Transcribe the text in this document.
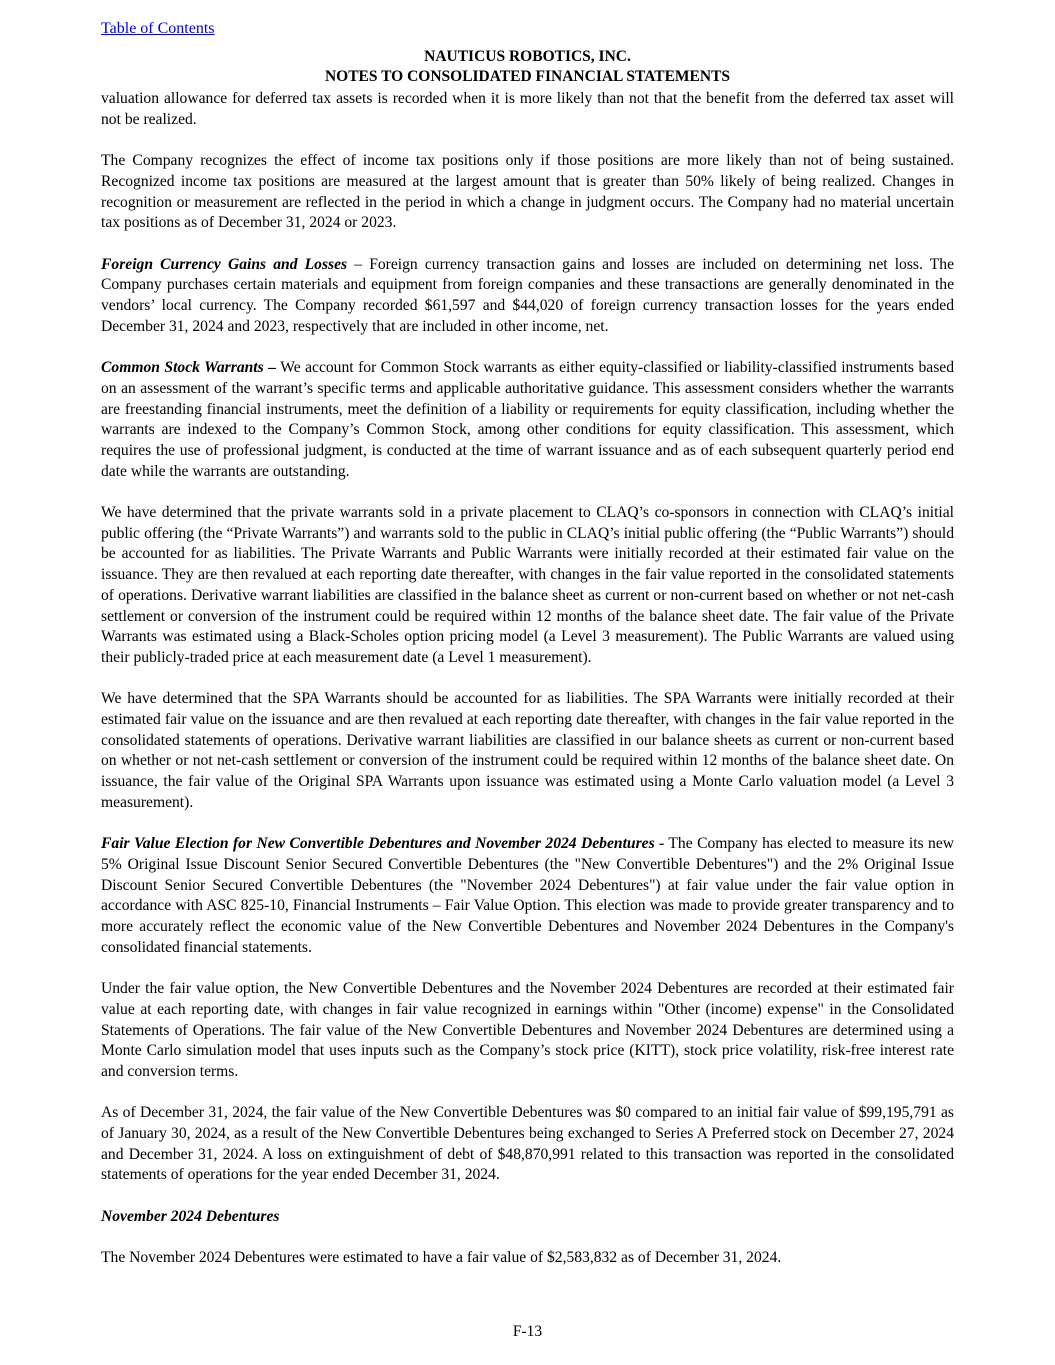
Table of Contents
NAUTICUS ROBOTICS, INC.
NOTES TO CONSOLIDATED FINANCIAL STATEMENTS

valuation allowance for deferred tax assets is recorded when it is more likely than not that the benefit from the deferred tax asset will not be realized.

The Company recognizes the effect of income tax positions only if those positions are more likely than not of being sustained. Recognized income tax positions are measured at the largest amount that is greater than 50% likely of being realized. Changes in recognition or measurement are reflected in the period in which a change in judgment occurs. The Company had no material uncertain tax positions as of December 31, 2024 or 2023.

Foreign Currency Gains and Losses – Foreign currency transaction gains and losses are included on determining net loss. The Company purchases certain materials and equipment from foreign companies and these transactions are generally denominated in the vendors’ local currency. The Company recorded $61,597 and $44,020 of foreign currency transaction losses for the years ended December 31, 2024 and 2023, respectively that are included in other income, net.

Common Stock Warrants – We account for Common Stock warrants as either equity-classified or liability-classified instruments based on an assessment of the warrant’s specific terms and applicable authoritative guidance. This assessment considers whether the warrants are freestanding financial instruments, meet the definition of a liability or requirements for equity classification, including whether the warrants are indexed to the Company’s Common Stock, among other conditions for equity classification. This assessment, which requires the use of professional judgment, is conducted at the time of warrant issuance and as of each subsequent quarterly period end date while the warrants are outstanding.

We have determined that the private warrants sold in a private placement to CLAQ’s co-sponsors in connection with CLAQ’s initial public offering (the “Private Warrants”) and warrants sold to the public in CLAQ’s initial public offering (the “Public Warrants”) should be accounted for as liabilities. The Private Warrants and Public Warrants were initially recorded at their estimated fair value on the issuance. They are then revalued at each reporting date thereafter, with changes in the fair value reported in the consolidated statements of operations. Derivative warrant liabilities are classified in the balance sheet as current or non-current based on whether or not net-cash settlement or conversion of the instrument could be required within 12 months of the balance sheet date. The fair value of the Private Warrants was estimated using a Black-Scholes option pricing model (a Level 3 measurement). The Public Warrants are valued using their publicly-traded price at each measurement date (a Level 1 measurement).

We have determined that the SPA Warrants should be accounted for as liabilities. The SPA Warrants were initially recorded at their estimated fair value on the issuance and are then revalued at each reporting date thereafter, with changes in the fair value reported in the consolidated statements of operations. Derivative warrant liabilities are classified in our balance sheets as current or non-current based on whether or not net-cash settlement or conversion of the instrument could be required within 12 months of the balance sheet date. On issuance, the fair value of the Original SPA Warrants upon issuance was estimated using a Monte Carlo valuation model (a Level 3 measurement).

Fair Value Election for New Convertible Debentures and November 2024 Debentures - The Company has elected to measure its new 5% Original Issue Discount Senior Secured Convertible Debentures (the "New Convertible Debentures") and the 2% Original Issue Discount Senior Secured Convertible Debentures (the "November 2024 Debentures") at fair value under the fair value option in accordance with ASC 825-10, Financial Instruments – Fair Value Option. This election was made to provide greater transparency and to more accurately reflect the economic value of the New Convertible Debentures and November 2024 Debentures in the Company's consolidated financial statements.

Under the fair value option, the New Convertible Debentures and the November 2024 Debentures are recorded at their estimated fair value at each reporting date, with changes in fair value recognized in earnings within "Other (income) expense" in the Consolidated Statements of Operations. The fair value of the New Convertible Debentures and November 2024 Debentures are determined using a Monte Carlo simulation model that uses inputs such as the Company’s stock price (KITT), stock price volatility, risk-free interest rate and conversion terms.

As of December 31, 2024, the fair value of the New Convertible Debentures was $0 compared to an initial fair value of $99,195,791 as of January 30, 2024, as a result of the New Convertible Debentures being exchanged to Series A Preferred stock on December 27, 2024 and December 31, 2024. A loss on extinguishment of debt of $48,870,991 related to this transaction was reported in the consolidated statements of operations for the year ended December 31, 2024.

November 2024 Debentures

The November 2024 Debentures were estimated to have a fair value of $2,583,832 as of December 31, 2024.

F-13
